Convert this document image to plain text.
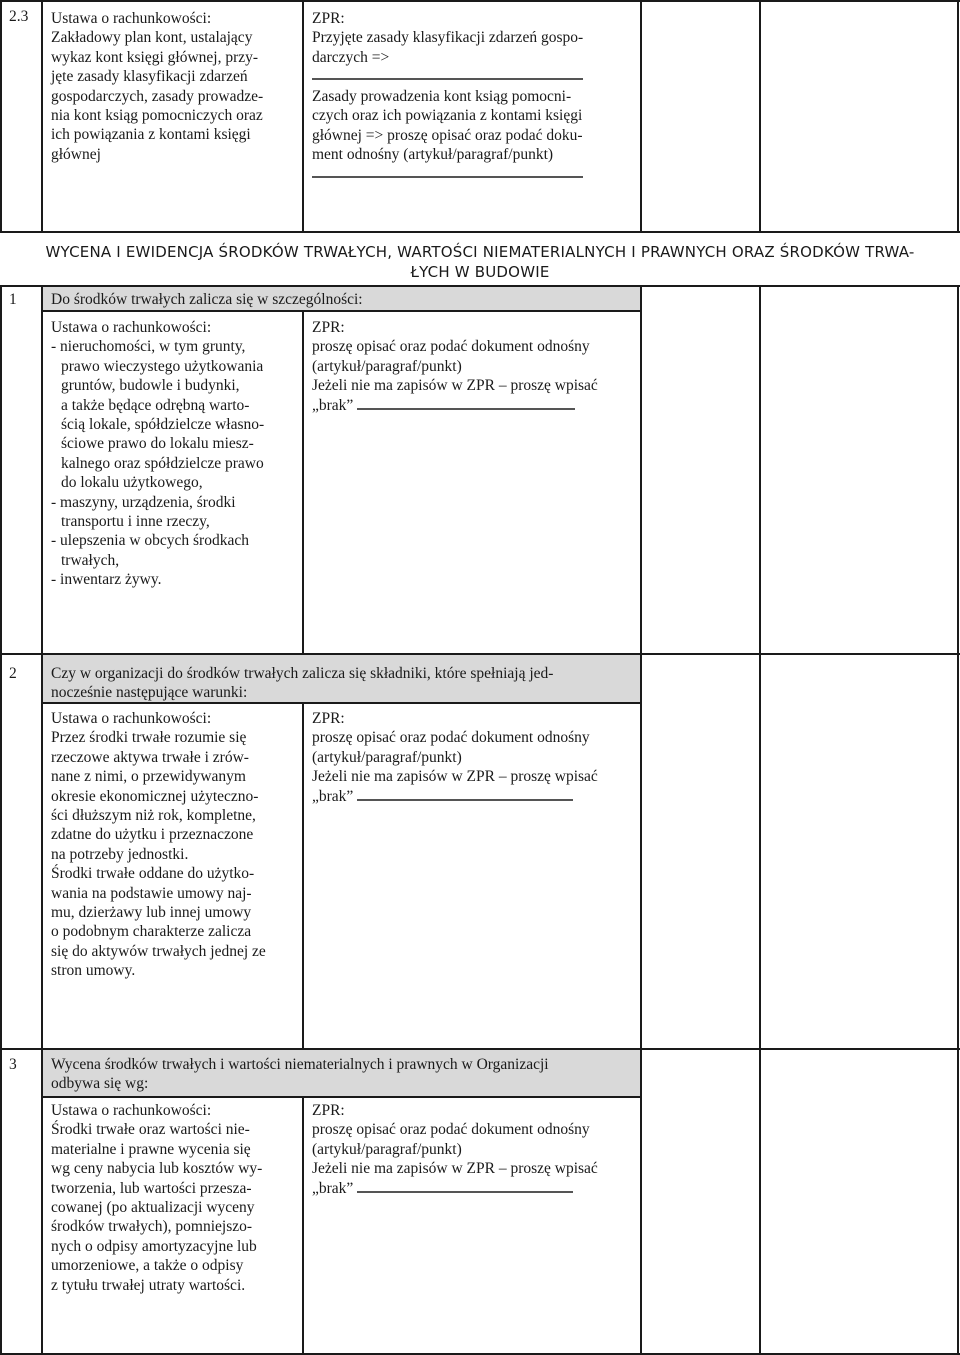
2.3 Ustawa o rachunkowości:
Zakładowy plan kont, ustalający
wykaz kont księgi głównej, przy-
jęte zasady klasyfikacji zdarzeń
gospodarczych, zasady prowadze-
nia kont ksiąg pomocniczych oraz
ich powiązania z kontami księgi
głównej
ZPR:
Przyjęte zasady klasyfikacji zdarzeń gospo-
darczych =>
Zasady prowadzenia kont ksiąg pomocni-
czych oraz ich powiązania z kontami księgi
głównej => proszę opisać oraz podać doku-
ment odnośny (artykuł/paragraf/punkt)
WYCENA I EWIDENCJA ŚRODKÓW TRWAŁYCH, WARTOŚCI NIEMATERIALNYCH I PRAWNYCH ORAZ ŚRODKÓW TRWA-
ŁYCH W BUDOWIE
1 Do środków trwałych zalicza się w szczególności:
Ustawa o rachunkowości:
- nieruchomości, w tym grunty,
prawo wieczystego użytkowania
gruntów, budowle i budynki,
a także będące odrębną warto-
ścią lokale, spółdzielcze własno-
ściowe prawo do lokalu miesz-
kalnego oraz spółdzielcze prawo
do lokalu użytkowego,
- maszyny, urządzenia, środki
transportu i inne rzeczy,
- ulepszenia w obcych środkach
trwałych,
- inwentarz żywy.
ZPR:
proszę opisać oraz podać dokument odnośny
(artykuł/paragraf/punkt)
Jeżeli nie ma zapisów w ZPR – proszę wpisać
„brak”
2 Czy w organizacji do środków trwałych zalicza się składniki, które spełniają jed-
nocześnie następujące warunki:
Ustawa o rachunkowości:
Przez środki trwałe rozumie się
rzeczowe aktywa trwałe i zrów-
nane z nimi, o przewidywanym
okresie ekonomicznej użyteczno-
ści dłuższym niż rok, kompletne,
zdatne do użytku i przeznaczone
na potrzeby jednostki.
Środki trwałe oddane do użytko-
wania na podstawie umowy naj-
mu, dzierżawy lub innej umowy
o podobnym charakterze zalicza
się do aktywów trwałych jednej ze
stron umowy.
ZPR:
proszę opisać oraz podać dokument odnośny
(artykuł/paragraf/punkt)
Jeżeli nie ma zapisów w ZPR – proszę wpisać
„brak”
3 Wycena środków trwałych i wartości niematerialnych i prawnych w Organizacji
odbywa się wg:
Ustawa o rachunkowości:
Środki trwałe oraz wartości nie-
materialne i prawne wycenia się
wg ceny nabycia lub kosztów wy-
tworzenia, lub wartości przesza-
cowanej (po aktualizacji wyceny
środków trwałych), pomniejszo-
nych o odpisy amortyzacyjne lub
umorzeniowe, a także o odpisy
z tytułu trwałej utraty wartości.
ZPR:
proszę opisać oraz podać dokument odnośny
(artykuł/paragraf/punkt)
Jeżeli nie ma zapisów w ZPR – proszę wpisać
„brak”
